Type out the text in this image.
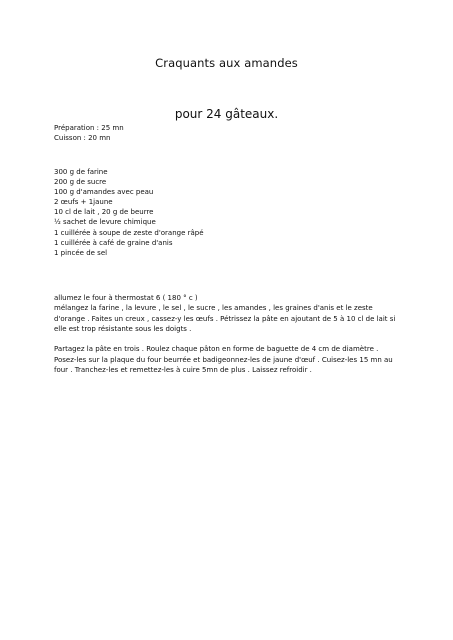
Craquants aux amandes
pour 24 gâteaux.
Préparation : 25 mn
Cuisson : 20 mn
300 g de farine
200 g de sucre
100 g d'amandes avec peau
2 œufs + 1jaune
10 cl de lait , 20 g de beurre
½ sachet de levure chimique
1 cuillérée à soupe de zeste d'orange râpé
1 cuillérée à café de graine d'anis
1 pincée de sel
allumez le four à thermostat 6 ( 180 ° c )
mélangez la farine , la levure , le sel , le sucre , les amandes , les graines d'anis et le zeste
d'orange . Faites un creux , cassez-y les œufs . Pétrissez la pâte en ajoutant de 5 à 10 cl de lait si
elle est trop résistante sous les doigts .
Partagez la pâte en trois . Roulez chaque pâton en forme de baguette de 4 cm de diamètre .
Posez-les sur la plaque du four beurrée et badigeonnez-les de jaune d'œuf . Cuisez-les 15 mn au
four . Tranchez-les et remettez-les à cuire 5mn de plus . Laissez refroidir .
